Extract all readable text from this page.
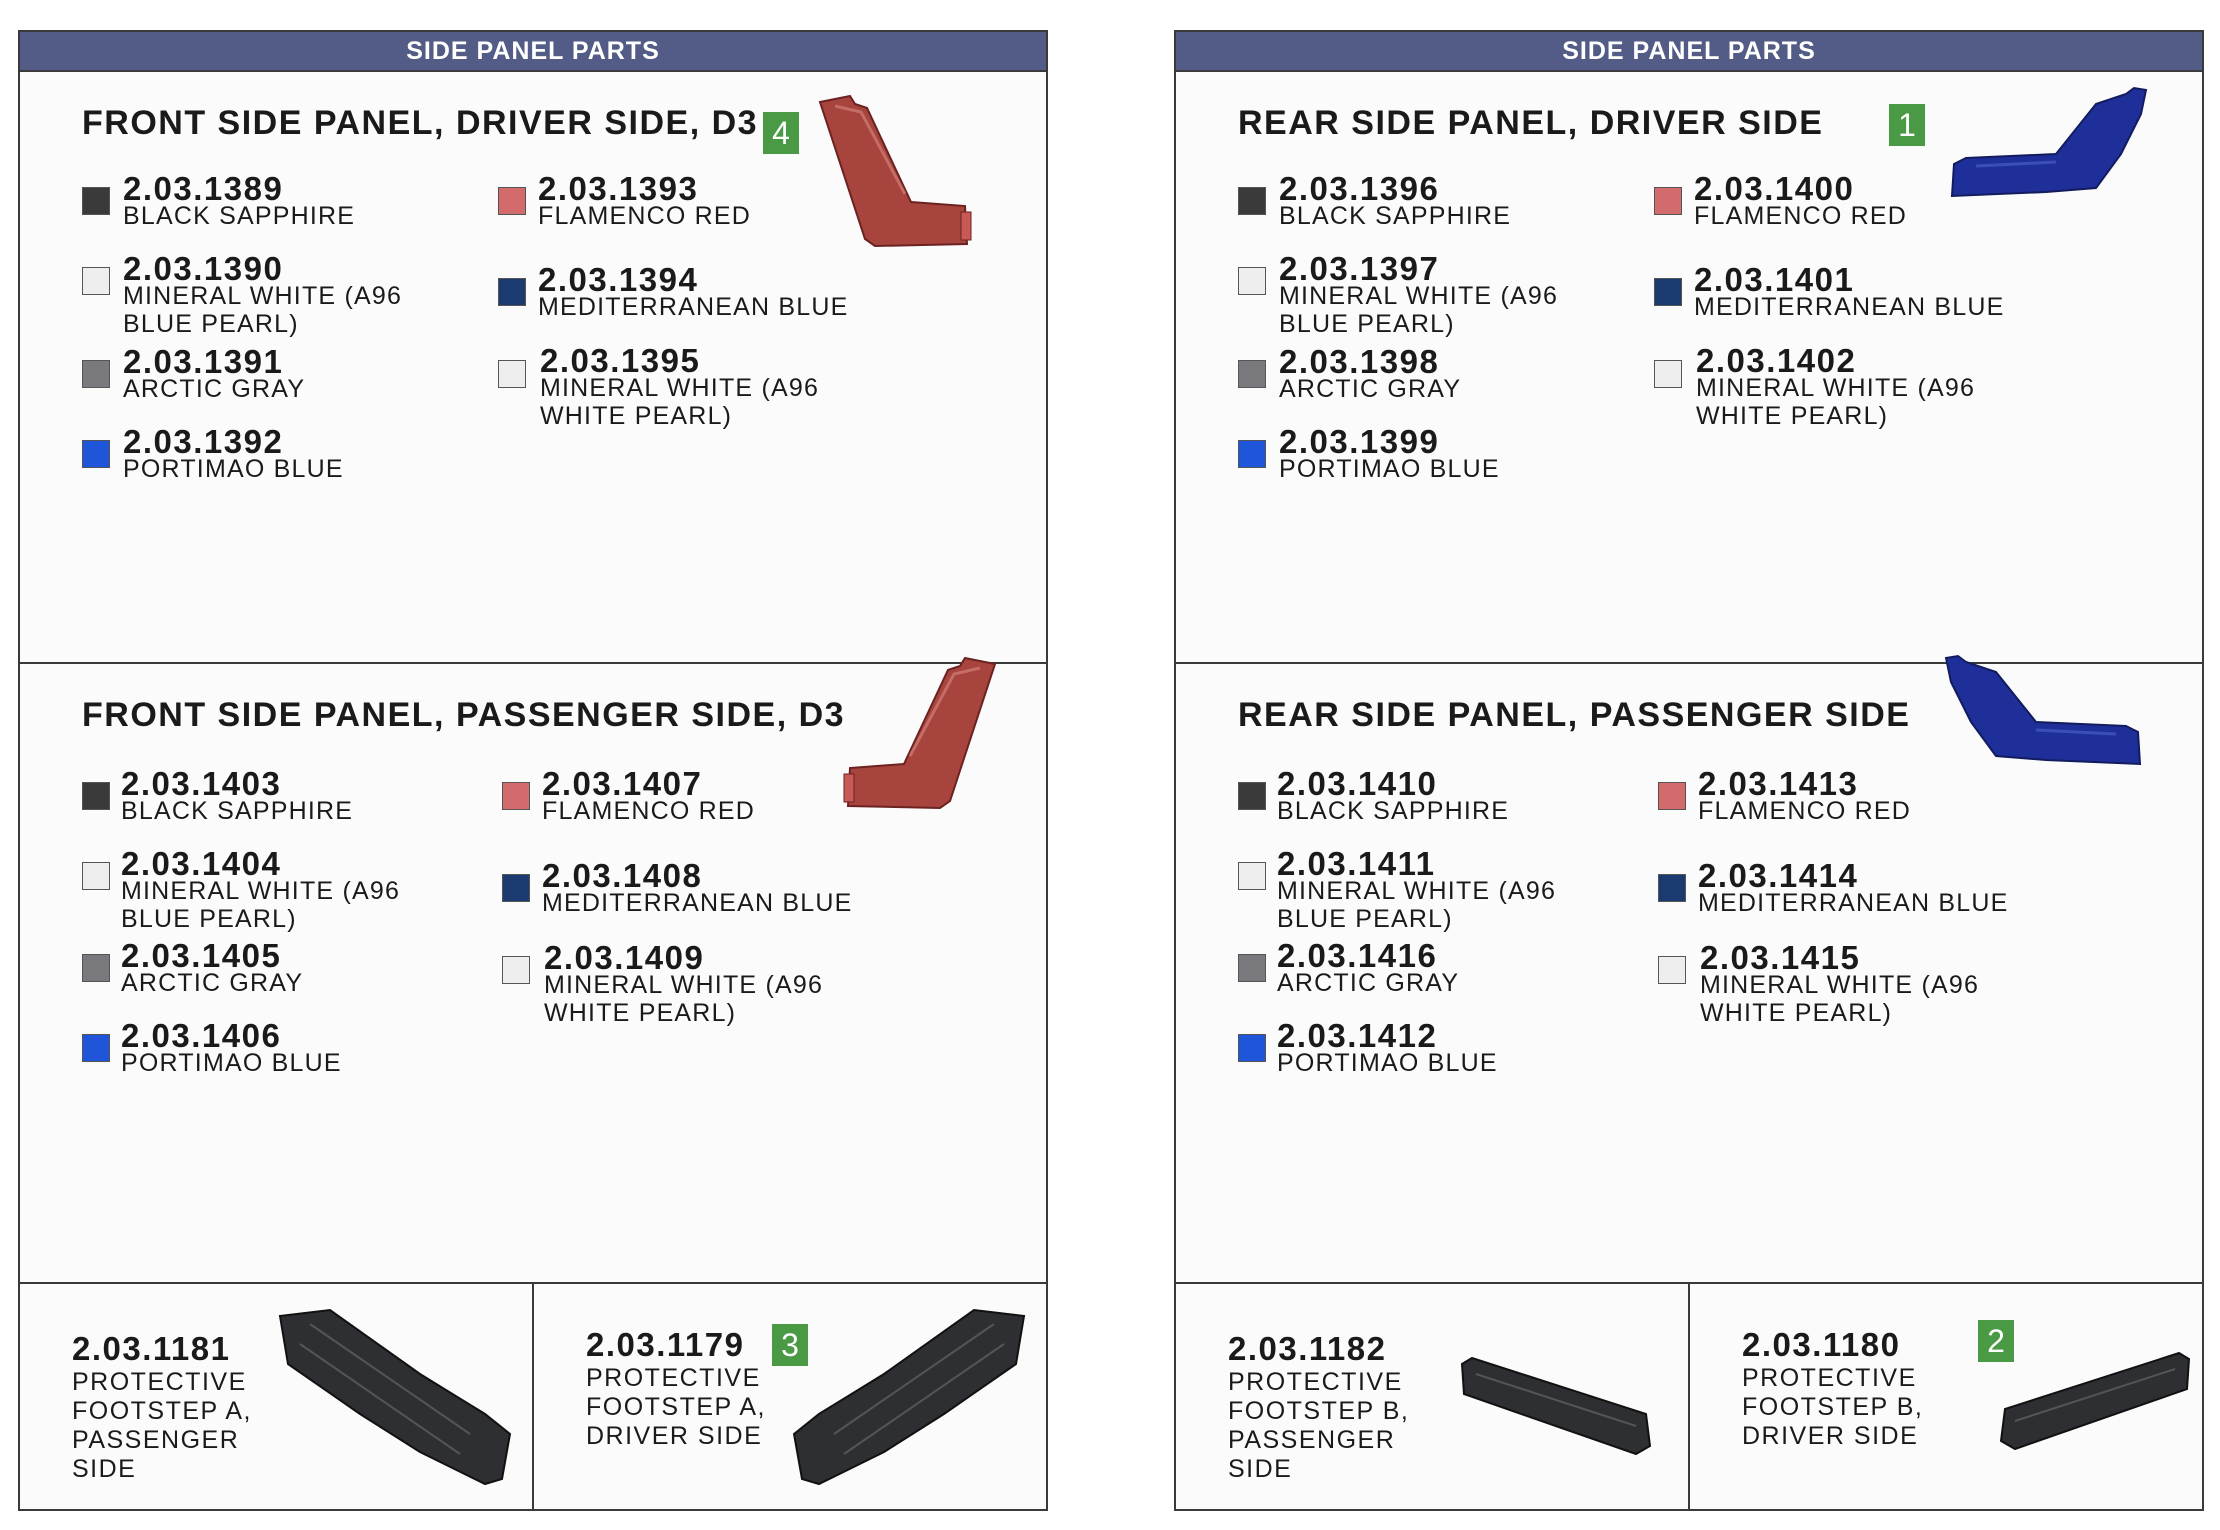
SIDE PANEL PARTS
FRONT SIDE PANEL, DRIVER SIDE, D3 4
2.03.1389
BLACK SAPPHIRE
2.03.1390
MINERAL WHITE (A96
BLUE PEARL)
2.03.1391
ARCTIC GRAY
2.03.1392
PORTIMAO BLUE
2.03.1393
FLAMENCO RED
2.03.1394
MEDITERRANEAN BLUE
2.03.1395
MINERAL WHITE (A96
WHITE PEARL)
FRONT SIDE PANEL, PASSENGER SIDE, D3
2.03.1403
BLACK SAPPHIRE
2.03.1404
MINERAL WHITE (A96
BLUE PEARL)
2.03.1405
ARCTIC GRAY
2.03.1406
PORTIMAO BLUE
2.03.1407
FLAMENCO RED
2.03.1408
MEDITERRANEAN BLUE
2.03.1409
MINERAL WHITE (A96
WHITE PEARL)
2.03.1181
PROTECTIVE
FOOTSTEP A,
PASSENGER
SIDE
2.03.1179
PROTECTIVE
FOOTSTEP A,
DRIVER SIDE
3
SIDE PANEL PARTS
REAR SIDE PANEL, DRIVER SIDE 1
2.03.1396
BLACK SAPPHIRE
2.03.1397
MINERAL WHITE (A96
BLUE PEARL)
2.03.1398
ARCTIC GRAY
2.03.1399
PORTIMAO BLUE
2.03.1400
FLAMENCO RED
2.03.1401
MEDITERRANEAN BLUE
2.03.1402
MINERAL WHITE (A96
WHITE PEARL)
REAR SIDE PANEL, PASSENGER SIDE
2.03.1410
BLACK SAPPHIRE
2.03.1411
MINERAL WHITE (A96
BLUE PEARL)
2.03.1416
ARCTIC GRAY
2.03.1412
PORTIMAO BLUE
2.03.1413
FLAMENCO RED
2.03.1414
MEDITERRANEAN BLUE
2.03.1415
MINERAL WHITE (A96
WHITE PEARL)
2.03.1182
PROTECTIVE
FOOTSTEP B,
PASSENGER
SIDE
2.03.1180
PROTECTIVE
FOOTSTEP B,
DRIVER SIDE
2
